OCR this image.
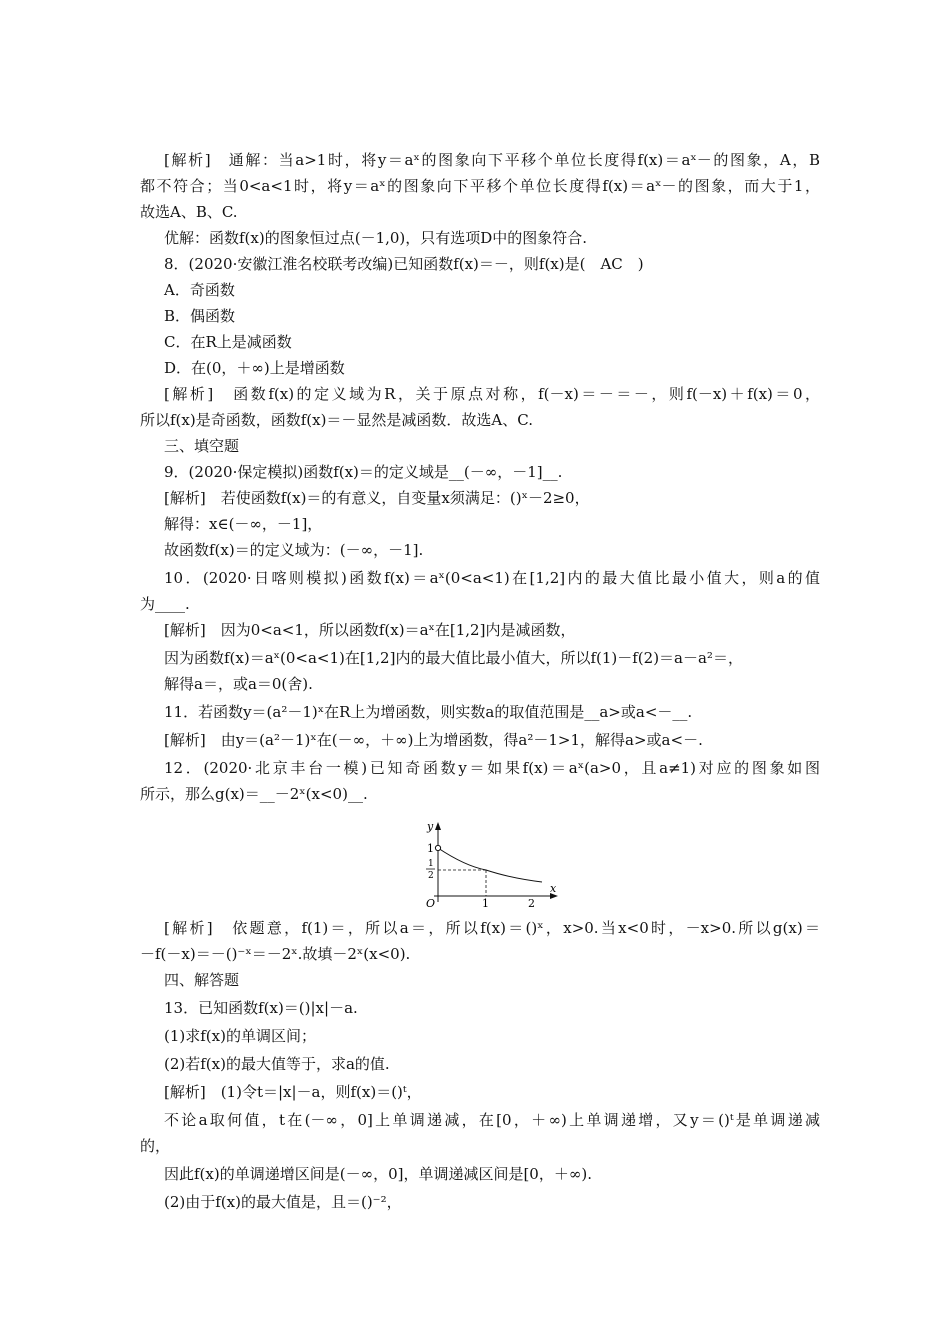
[解析]　通解：当a>1时，将y＝aˣ的图象向下平移个单位长度得f(x)＝aˣ－的图象，A，B
都不符合；当0<a<1时，将y＝aˣ的图象向下平移个单位长度得f(x)＝aˣ－的图象，而大于1，
故选A、B、C.
优解：函数f(x)的图象恒过点(－1,0)，只有选项D中的图象符合.
8．(2020·安徽江淮名校联考改编)已知函数f(x)＝－，则f(x)是(　AC　)
A．奇函数
B．偶函数
C．在R上是减函数
D．在(0，＋∞)上是增函数
[解析]　函数f(x)的定义域为R，关于原点对称，f(－x)＝－＝－，则f(－x)＋f(x)＝0，
所以f(x)是奇函数，函数f(x)＝－显然是减函数．故选A、C.
三、填空题
9．(2020·保定模拟)函数f(x)＝的定义域是__(－∞，－1]__.
[解析]　若使函数f(x)＝的有意义，自变量x须满足：()ˣ－2≥0，
解得：x∈(－∞，－1]，
故函数f(x)＝的定义域为：(－∞，－1].
10．(2020·日喀则模拟)函数f(x)＝aˣ(0<a<1)在[1,2]内的最大值比最小值大，则a的值
为____.
[解析]　因为0<a<1，所以函数f(x)＝aˣ在[1,2]内是减函数，
因为函数f(x)＝aˣ(0<a<1)在[1,2]内的最大值比最小值大，所以f(1)－f(2)＝a－a²＝，
解得a＝，或a＝0(舍).
11．若函数y＝(a²－1)ˣ在R上为增函数，则实数a的取值范围是__a>或a<－__.
[解析]　由y＝(a²－1)ˣ在(－∞，＋∞)上为增函数，得a²－1>1，解得a>或a<－.
12．(2020·北京丰台一模)已知奇函数y＝如果f(x)＝aˣ(a>0，且a≠1)对应的图象如图
所示，那么g(x)＝__－2ˣ(x<0)__.
y
x
O
1
1
2
1	2
[解析]　依题意，f(1)＝，所以a＝，所以f(x)＝()ˣ，x>0.当x<0时，－x>0.所以g(x)＝
－f(－x)＝－()⁻ˣ＝－2ˣ.故填－2ˣ(x<0).
四、解答题
13．已知函数f(x)＝()|x|－a.
(1)求f(x)的单调区间；
(2)若f(x)的最大值等于，求a的值.
[解析]　(1)令t＝|x|－a，则f(x)＝()ᵗ，
不论a取何值，t在(－∞，0]上单调递减，在[0，＋∞)上单调递增，又y＝()ᵗ是单调递减
的，
因此f(x)的单调递增区间是(－∞，0]，单调递减区间是[0，＋∞).
(2)由于f(x)的最大值是，且＝()⁻²，
